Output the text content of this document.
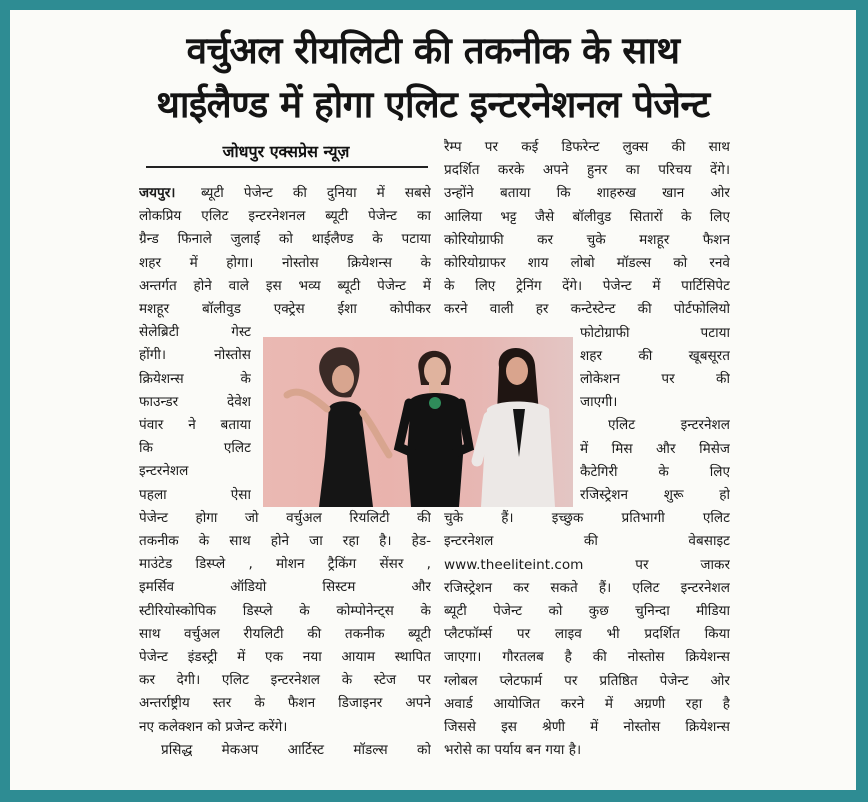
वर्चुअल रीयलिटी की तकनीक के साथ
थाईलैण्ड में होगा एलिट इन्टरनेशनल पेजेन्ट
जोधपुर एक्सप्रेस न्यूज़
ब्यूटी पेजेन्ट की दुनिया में सबसे
लोकप्रिय एलिट इन्टरनेशनल ब्यूटी पेजेन्ट का
ग्रैन्ड फिनाले जुलाई को थाईलैण्ड के पटाया
शहर में होगा। नोस्तोस क्रियेशन्स के
अन्तर्गत होने वाले इस भव्य ब्यूटी पेजेन्ट में
मशहूर बॉलीवुड एक्ट्रेस ईशा कोपीकर
सेलेब्रिटी गेस्ट
होंगी। नोस्तोस
क्रियेशन्स के
फाउन्डर देवेश
पंवार ने बताया
कि एलिट
इन्टरनेशल
पहला ऐसा
पेजेन्ट होगा जो वर्चुअल रियलिटी की
तकनीक के साथ होने जा रहा है। हेड-
माउंटेड डिस्प्ले , मोशन ट्रैकिंग सेंसर ,
इमर्सिव ऑडियो सिस्टम और
स्टीरियोस्कोपिक डिस्प्ले के कोम्पोनेन्ट्स के
साथ वर्चुअल रीयलिटी की तकनीक ब्यूटी
पेजेन्ट इंडस्ट्री में एक नया आयाम स्थापित
कर देगी। एलिट इन्टरनेशल के स्टेज पर
अन्तर्राष्ट्रीय स्तर के फैशन डिजाइनर अपने
नए कलेक्शन को प्रजेन्ट करेंगे।
प्रसिद्ध मेकअप आर्टिस्ट मॉडल्स को
जयपुर।
रैम्प पर कई डिफरेन्ट लुक्स की साथ
प्रदर्शित करके अपने हुनर का परिचय देंगे।
उन्होंने बताया कि शाहरुख खान ओर
आलिया भट्ट जैसे बॉलीवुड सितारों के लिए
कोरियोग्राफी कर चुके मशहूर फैशन
कोरियोग्राफर शाय लोबो मॉडल्स को रनवे
के लिए ट्रेनिंग देंगे। पेजेन्ट में पार्टिसिपेट
करने वाली हर कन्टेस्टेन्ट की पोर्टफोलियो
फोटोग्राफी पटाया
शहर की खूबसूरत
लोकेशन पर की
जाएगी।
एलिट इन्टरनेशल
में मिस और मिसेज
कैटेगिरी के लिए
रजिस्ट्रेशन शुरू हो
चुके हैं। इच्छुक प्रतिभागी एलिट
इन्टरनेशल की वेबसाइट
www.theeliteint.com पर जाकर
रजिस्ट्रेशन कर सकते हैं। एलिट इन्टरनेशल
ब्यूटी पेजेन्ट को कुछ चुनिन्दा मीडिया
प्लैटफॉर्म्स पर लाइव भी प्रदर्शित किया
जाएगा। गौरतलब है की नोस्तोस क्रियेशन्स
ग्लोबल प्लेटफार्म पर प्रतिष्ठित पेजेन्ट ओर
अवार्ड आयोजित करने में अग्रणी रहा है
जिससे इस श्रेणी में नोस्तोस क्रियेशन्स
भरोसे का पर्याय बन गया है।
